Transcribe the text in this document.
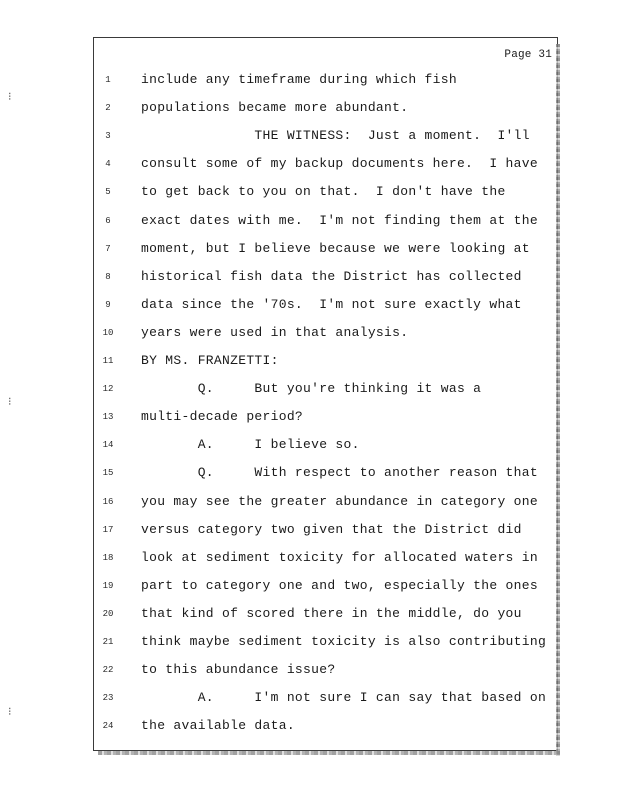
⁝
⁝
⁝
Page 31
1	include any timeframe during which fish
2	populations became more abundant.
3	THE WITNESS:  Just a moment.  I'll
4	consult some of my backup documents here.  I have
5	to get back to you on that.  I don't have the
6	exact dates with me.  I'm not finding them at the
7	moment, but I believe because we were looking at
8	historical fish data the District has collected
9	data since the '70s.  I'm not sure exactly what
10	years were used in that analysis.
11	BY MS. FRANZETTI:
12	Q.     But you're thinking it was a
13	multi-decade period?
14	A.     I believe so.
15	Q.     With respect to another reason that
16	you may see the greater abundance in category one
17	versus category two given that the District did
18	look at sediment toxicity for allocated waters in
19	part to category one and two, especially the ones
20	that kind of scored there in the middle, do you
21	think maybe sediment toxicity is also contributing
22	to this abundance issue?
23	A.     I'm not sure I can say that based on
24	the available data.
